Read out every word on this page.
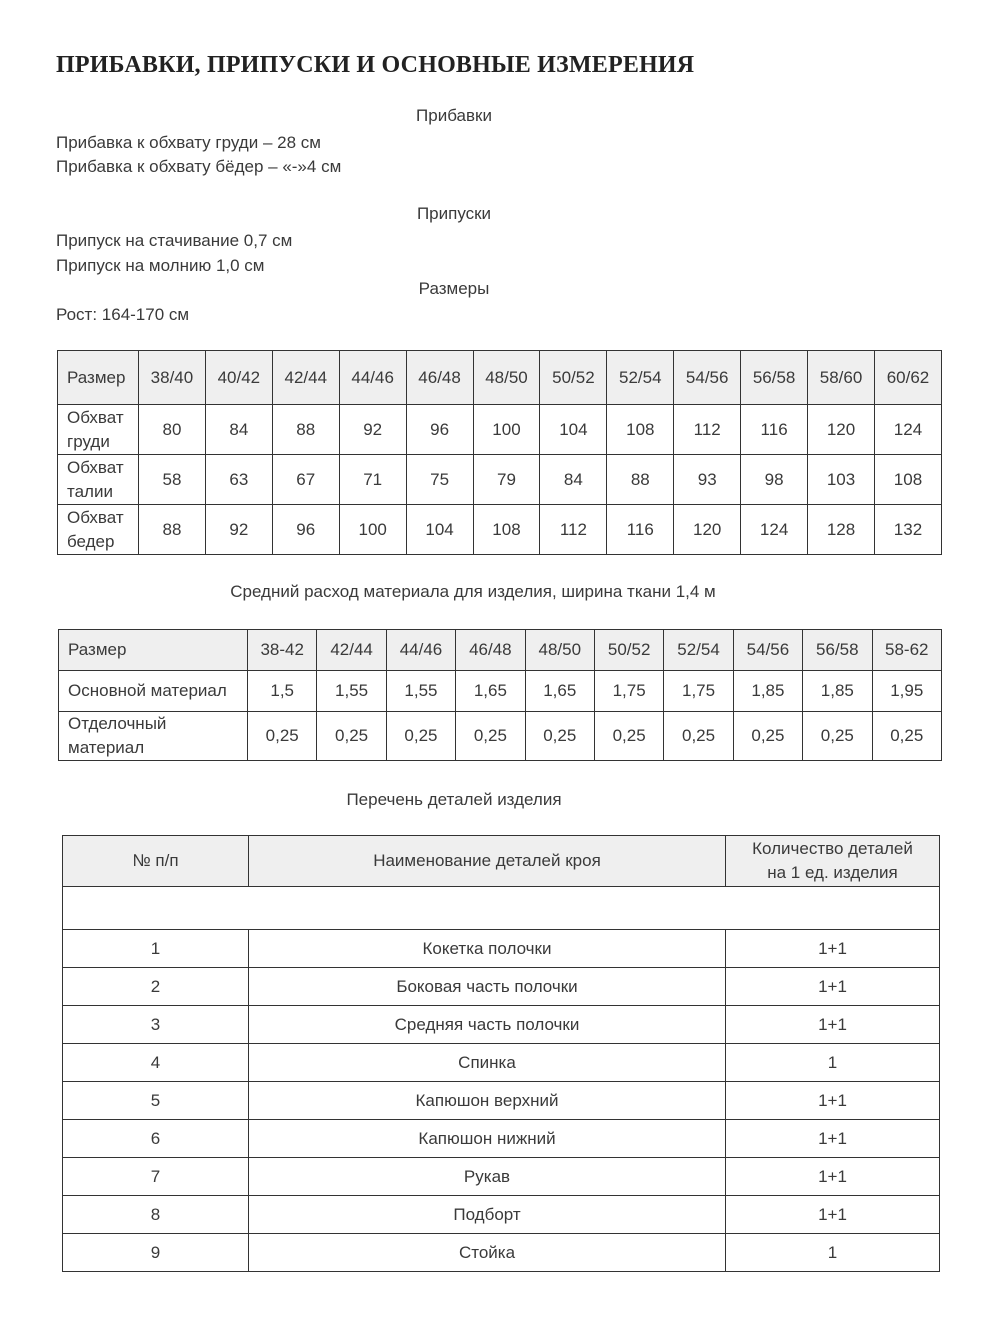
ПРИБАВКИ, ПРИПУСКИ И ОСНОВНЫЕ ИЗМЕРЕНИЯ
Прибавки
Прибавка к обхвату груди – 28 см
Прибавка к обхвату бёдер – «-»4 см
Припуски
Припуск на стачивание 0,7 см
Припуск на молнию 1,0 см
Размеры
Рост: 164-170 см
Размер	38/40	40/42	42/44	44/46	46/48	48/50	50/52	52/54	54/56	56/58	58/60	60/62

Обхват
груди	80	84	88	92	96	100	104	108	112	116	120	124

Обхват
талии	58	63	67	71	75	79	84	88	93	98	103	108

Обхват
бедер	88	92	96	100	104	108	112	116	120	124	128	132
Средний расход материала для изделия, ширина ткани 1,4 м
Размер	38-42	42/44	44/46	46/48	48/50	50/52	52/54	54/56	56/58	58-62

Основной материал	1,5	1,55	1,55	1,65	1,65	1,75	1,75	1,85	1,85	1,95

Отделочный
материал	0,25	0,25	0,25	0,25	0,25	0,25	0,25	0,25	0,25	0,25
Перечень деталей изделия
№ п/п	Наименование деталей кроя	Количество деталей
на 1 ед. изделия

1	Кокетка полочки	1+1
2	Боковая часть полочки	1+1
3	Средняя часть полочки	1+1
4	Спинка	1
5	Капюшон верхний	1+1
6	Капюшон нижний	1+1
7	Рукав	1+1
8	Подборт	1+1
9	Стойка	1
